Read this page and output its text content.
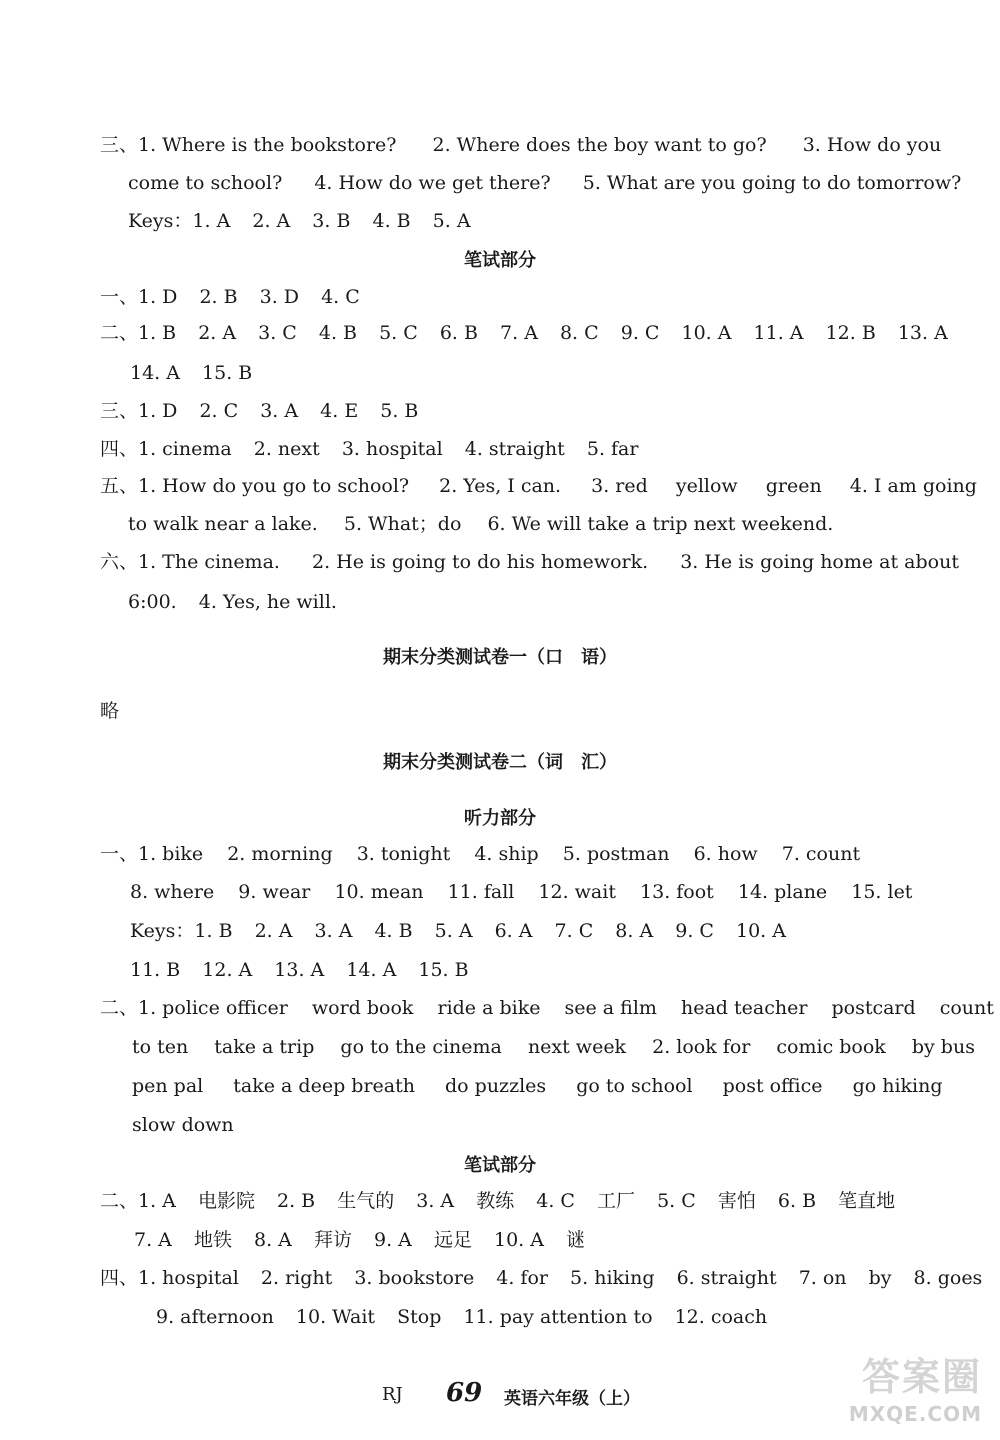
三、1. Where is the bookstore? 2. Where does the boy want to go? 3. How do you
come to school? 4. How do we get there? 5. What are you going to do tomorrow?
Keys：1. A 2. A 3. B 4. B 5. A
笔试部分
一、1. D 2. B 3. D 4. C
二、1. B 2. A 3. C 4. B 5. C 6. B 7. A 8. C 9. C 10. A 11. A 12. B 13. A
14. A 15. B
三、1. D 2. C 3. A 4. E 5. B
四、1. cinema 2. next 3. hospital 4. straight 5. far
五、1. How do you go to school? 2. Yes, I can. 3. red yellow green 4. I am going
to walk near a lake. 5. What；do 6. We will take a trip next weekend.
六、1. The cinema. 2. He is going to do his homework. 3. He is going home at about
6:00. 4. Yes, he will.
期末分类测试卷一（口　语）
略
期末分类测试卷二（词　汇）
听力部分
一、1. bike 2. morning 3. tonight 4. ship 5. postman 6. how 7. count
8. where 9. wear 10. mean 11. fall 12. wait 13. foot 14. plane 15. let
Keys：1. B 2. A 3. A 4. B 5. A 6. A 7. C 8. A 9. C 10. A
11. B 12. A 13. A 14. A 15. B
二、1. police officer word book ride a bike see a film head teacher postcard count
to ten take a trip go to the cinema next week 2. look for comic book by bus
pen pal take a deep breath do puzzles go to school post office go hiking
slow down
笔试部分
二、1. A 电影院 2. B 生气的 3. A 教练 4. C 工厂 5. C 害怕 6. B 笔直地
7. A 地铁 8. A 拜访 9. A 远足 10. A 谜
四、1. hospital 2. right 3. bookstore 4. for 5. hiking 6. straight 7. on by 8. goes
9. afternoon 10. Wait Stop 11. pay attention to 12. coach
RJ 69 英语六年级（上）	答案圈
MXQE.COM
